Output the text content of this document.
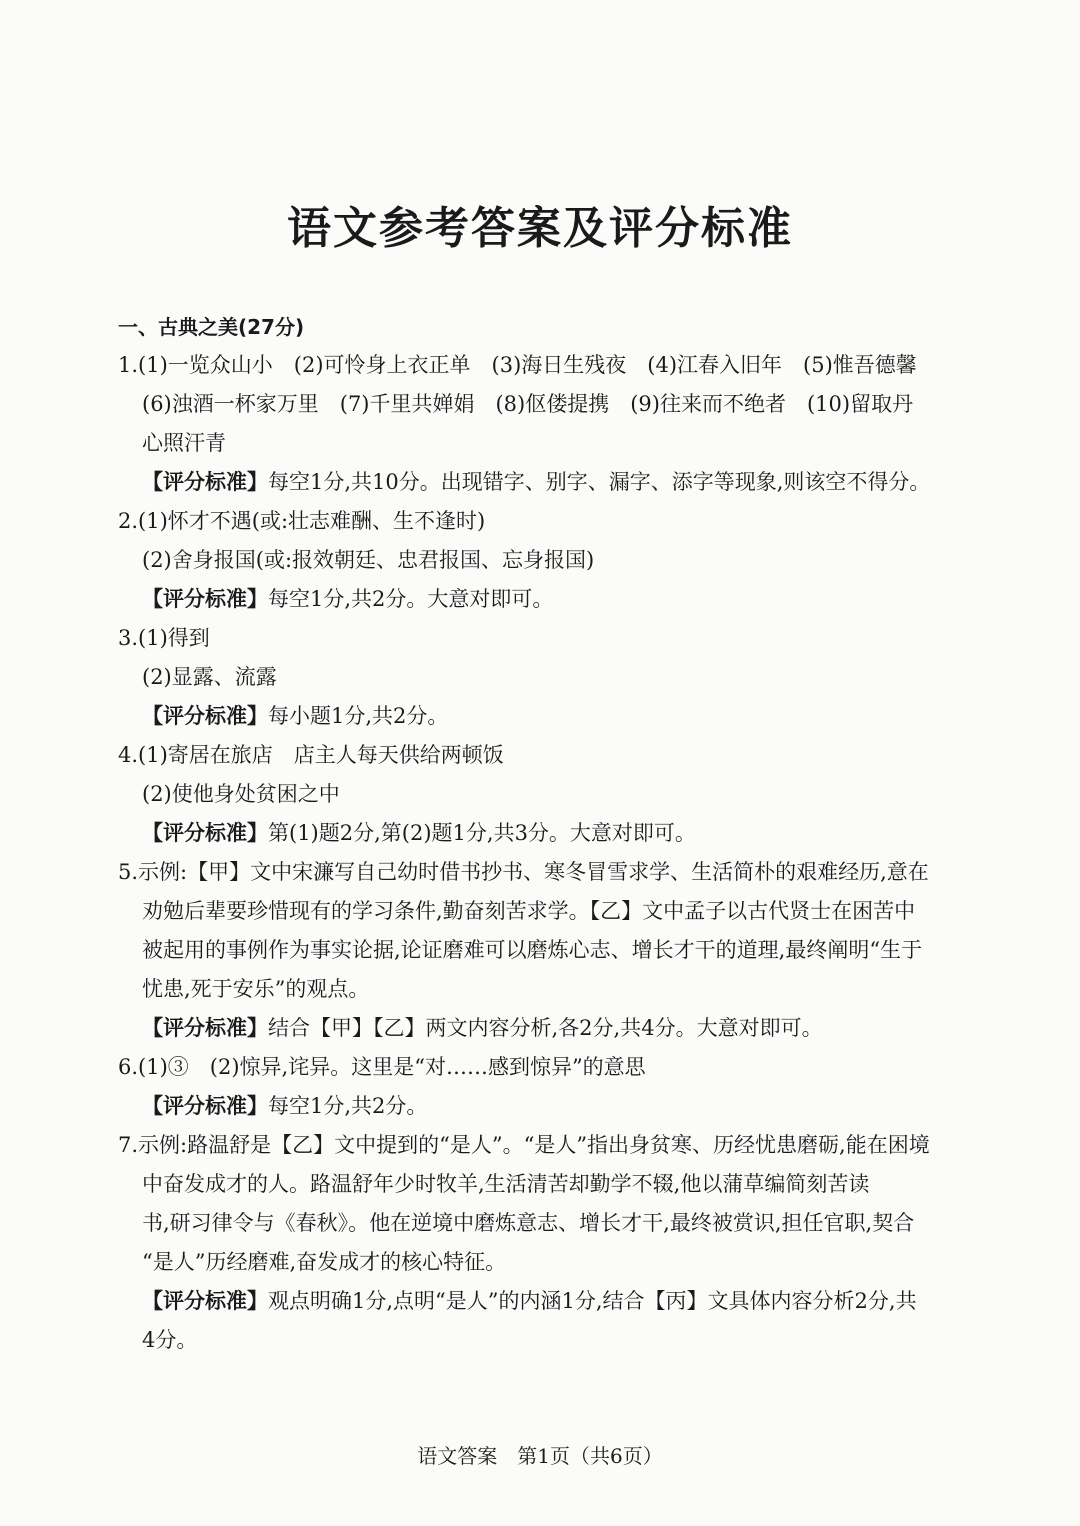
语文参考答案及评分标准
一、古典之美(27分)
1.(1)一览众山小　(2)可怜身上衣正单　(3)海日生残夜　(4)江春入旧年　(5)惟吾德馨
(6)浊酒一杯家万里　(7)千里共婵娟　(8)伛偻提携　(9)往来而不绝者　(10)留取丹
心照汗青
【评分标准】每空1分,共10分。出现错字、别字、漏字、添字等现象,则该空不得分。
2.(1)怀才不遇(或:壮志难酬、生不逢时)
(2)舍身报国(或:报效朝廷、忠君报国、忘身报国)
【评分标准】每空1分,共2分。大意对即可。
3.(1)得到
(2)显露、流露
【评分标准】每小题1分,共2分。
4.(1)寄居在旅店　店主人每天供给两顿饭
(2)使他身处贫困之中
【评分标准】第(1)题2分,第(2)题1分,共3分。大意对即可。
5.示例:【甲】文中宋濂写自己幼时借书抄书、寒冬冒雪求学、生活简朴的艰难经历,意在
劝勉后辈要珍惜现有的学习条件,勤奋刻苦求学。【乙】文中孟子以古代贤士在困苦中
被起用的事例作为事实论据,论证磨难可以磨炼心志、增长才干的道理,最终阐明“生于
忧患,死于安乐”的观点。
【评分标准】结合【甲】【乙】两文内容分析,各2分,共4分。大意对即可。
6.(1)③　(2)惊异,诧异。这里是“对……感到惊异”的意思
【评分标准】每空1分,共2分。
7.示例:路温舒是【乙】文中提到的“是人”。“是人”指出身贫寒、历经忧患磨砺,能在困境
中奋发成才的人。路温舒年少时牧羊,生活清苦却勤学不辍,他以蒲草编简刻苦读
书,研习律令与《春秋》。他在逆境中磨炼意志、增长才干,最终被赏识,担任官职,契合
“是人”历经磨难,奋发成才的核心特征。
【评分标准】观点明确1分,点明“是人”的内涵1分,结合【丙】文具体内容分析2分,共
4分。
语文答案　第1页（共6页）
